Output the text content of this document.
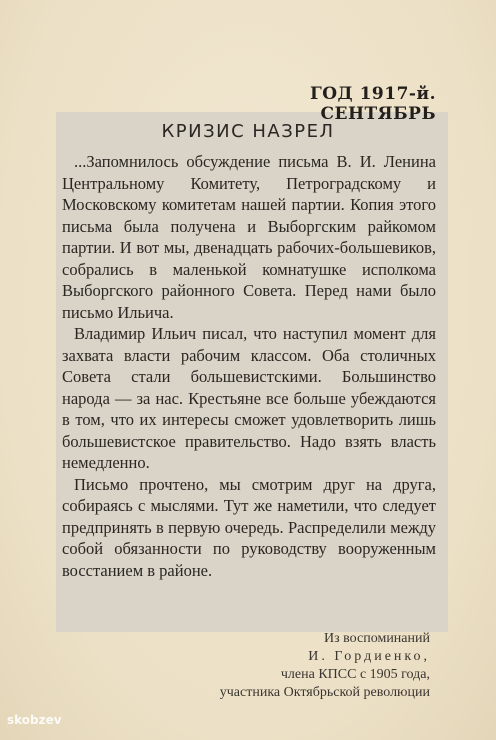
ГОД 1917-й. СЕНТЯБРЬ
КРИЗИС НАЗРЕЛ

...Запомнилось обсуждение письма В. И. Ленина Центральному Комитету, Петроградскому и Московскому комитетам нашей партии. Копия этого письма была получена и Выборгским райкомом партии. И вот мы, двенадцать рабочих-большевиков, собрались в маленькой комнатушке исполкома Выборгского районного Совета. Перед нами было письмо Ильича.

Владимир Ильич писал, что наступил момент для захвата власти рабочим классом. Оба столичных Совета стали большевистскими. Большинство народа — за нас. Крестьяне все больше убеждаются в том, что их интересы сможет удовлетворить лишь большевистское правительство. Надо взять власть немедленно.

Письмо прочтено, мы смотрим друг на друга, собираясь с мыслями. Тут же наметили, что следует предпринять в первую очередь. Распределили между собой обязанности по руководству вооруженным восстанием в районе.

Из воспоминаний
И. Гордиенко,
члена КПСС с 1905 года,
участника Октябрьской революции
skobzev
